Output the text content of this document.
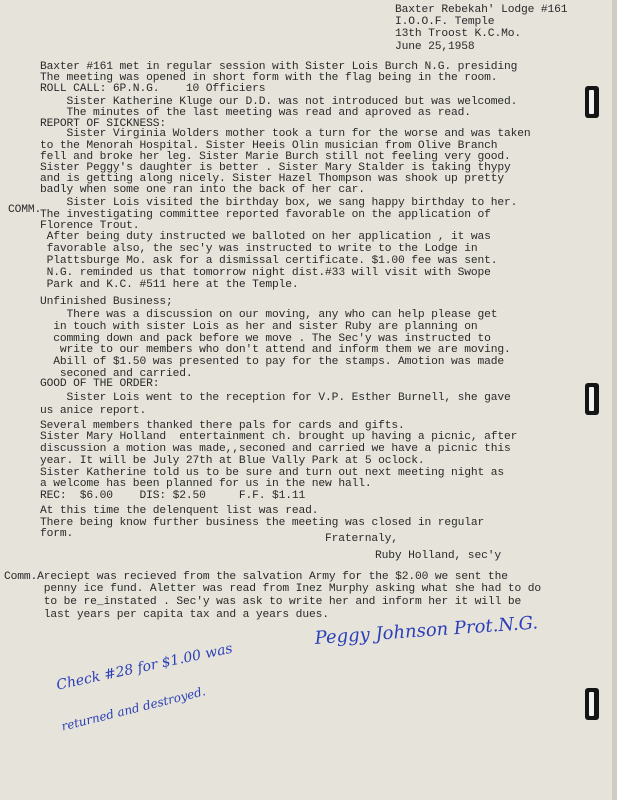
Baxter Rebekah' Lodge #161
I.O.O.F. Temple
13th Troost K.C.Mo.
June 25,1958
Baxter #161 met in regular session with Sister Lois Burch N.G. presiding
The meeting was opened in short form with the flag being in the room.
ROLL CALL: 6P.N.G.    10 Officiers
Sister Katherine Kluge our D.D. was not introduced but was welcomed.
The minutes of the last meeting was read and aproved as read.
REPORT OF SICKNESS:
Sister Virginia Wolders mother took a turn for the worse and was taken
to the Menorah Hospital. Sister Heeis Olin musician from Olive Branch
fell and broke her leg. Sister Marie Burch still not feeling very good.
Sister Peggy's daughter is better . Sister Mary Stalder is taking thypy
and is getting along nicely. Sister Hazel Thompson was shook up pretty
badly when some one ran into the back of her car.
Sister Lois visited the birthday box, we sang happy birthday to her.
COMM.
The investigating committee reported favorable on the application of
Florence Trout.
After being duty instructed we balloted on her application , it was
favorable also, the sec'y was instructed to write to the Lodge in
Plattsburge Mo. ask for a dismissal certificate. $1.00 fee was sent.
N.G. reminded us that tomorrow night dist.#33 will visit with Swope
Park and K.C. #511 here at the Temple.
Unfinished Business;
There was a discussion on our moving, any who can help please get
in touch with sister Lois as her and sister Ruby are planning on
comming down and pack before we move . The Sec'y was instructed to
write to our members who don't attend and inform them we are moving.
Abill of $1.50 was presented to pay for the stamps. Amotion was made
seconed and carried.
GOOD OF THE ORDER:
Sister Lois went to the reception for V.P. Esther Burnell, she gave
us anice report.
Several members thanked there pals for cards and gifts.
Sister Mary Holland  entertainment ch. brought up having a picnic, after
discussion a motion was made,,seconed and carried we have a picnic this
year. It will be July 27th at Blue Vally Park at 5 oclock.
Sister Katherine told us to be sure and turn out next meeting night as
a welcome has been planned for us in the new hall.
REC:  $6.00    DIS: $2.50     F.F. $1.11
At this time the delenquent list was read.
There being know further business the meeting was closed in regular
form.	Fraternaly,
Ruby Holland, sec'y
Comm.Areciept was recieved from the salvation Army for the $2.00 we sent the
penny ice fund. Aletter was read from Inez Murphy asking what she had to do
to be re_instated . Sec'y was ask to write her and inform her it will be
last years per capita tax and a years dues.
Peggy Johnson Prot.N.G.
Check #28 for $1.00 was
returned and destroyed.
